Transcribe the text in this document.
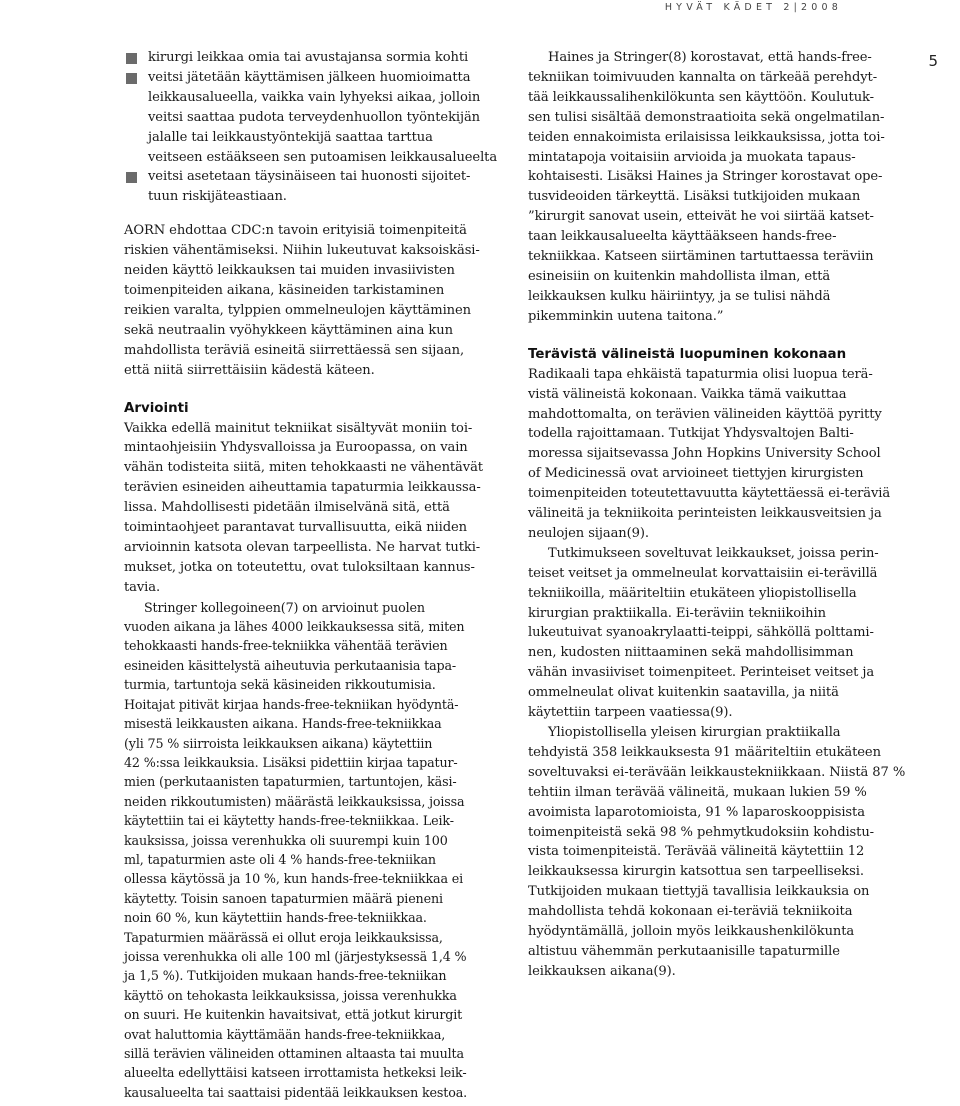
HYVÄT KÄDET 2|2008
5
kirurgi leikkaa omia tai avustajansa sormia kohti
veitsi jätetään käyttämisen jälkeen huomioimatta
leikkausalueella, vaikka vain lyhyeksi aikaa, jolloin
veitsi saattaa pudota terveydenhuollon työntekijän
jalalle tai leikkaustyöntekijä saattaa tarttua
veitseen estääkseen sen putoamisen leikkausalueelta
veitsi asetetaan täysinäiseen tai huonosti sijoitet-
tuun riskijäteastiaan.
AORN ehdottaa CDC:n tavoin erityisiä toimenpiteitä
riskien vähentämiseksi. Niihin lukeutuvat kaksoiskäsi-
neiden käyttö leikkauksen tai muiden invasiivisten
toimenpiteiden aikana, käsineiden tarkistaminen
reikien varalta, tylppien ommelneulojen käyttäminen
sekä neutraalin vyöhykkeen käyttäminen aina kun
mahdollista teräviä esineitä siirrettäessä sen sijaan,
että niitä siirrettäisiin kädestä käteen.
Arviointi
Vaikka edellä mainitut tekniikat sisältyvät moniin toi-
mintaohjeisiin Yhdysvalloissa ja Euroopassa, on vain
vähän todisteita siitä, miten tehokkaasti ne vähentävät
terävien esineiden aiheuttamia tapaturmia leikkaussa-
lissa. Mahdollisesti pidetään ilmiselvänä sitä, että
toimintaohjeet parantavat turvallisuutta, eikä niiden
arvioinnin katsota olevan tarpeellista. Ne harvat tutki-
mukset, jotka on toteutettu, ovat tuloksiltaan kannus-
tavia.
Stringer kollegoineen(7) on arvioinut puolen
vuoden aikana ja lähes 4000 leikkauksessa sitä, miten
tehokkaasti hands-free-tekniikka vähentää terävien
esineiden käsittelystä aiheutuvia perkutaanisia tapa-
turmia, tartuntoja sekä käsineiden rikkoutumisia.
Hoitajat pitivät kirjaa hands-free-tekniikan hyödyntä-
misestä leikkausten aikana. Hands-free-tekniikkaa
(yli 75 % siirroista leikkauksen aikana) käytettiin
42 %:ssa leikkauksia. Lisäksi pidettiin kirjaa tapatur-
mien (perkutaanisten tapaturmien, tartuntojen, käsi-
neiden rikkoutumisten) määrästä leikkauksissa, joissa
käytettiin tai ei käytetty hands-free-tekniikkaa. Leik-
kauksissa, joissa verenhukka oli suurempi kuin 100
ml, tapaturmien aste oli 4 % hands-free-tekniikan
ollessa käytössä ja 10 %, kun hands-free-tekniikkaa ei
käytetty. Toisin sanoen tapaturmien määrä pieneni
noin 60 %, kun käytettiin hands-free-tekniikkaa.
Tapaturmien määrässä ei ollut eroja leikkauksissa,
joissa verenhukka oli alle 100 ml (järjestyksessä 1,4 %
ja 1,5 %). Tutkijoiden mukaan hands-free-tekniikan
käyttö on tehokasta leikkauksissa, joissa verenhukka
on suuri. He kuitenkin havaitsivat, että jotkut kirurgit
ovat haluttomia käyttämään hands-free-tekniikkaa,
sillä terävien välineiden ottaminen altaasta tai muulta
alueelta edellyttäisi katseen irrottamista hetkeksi leik-
kausalueelta tai saattaisi pidentää leikkauksen kestoa.
Haines ja Stringer(8) korostavat, että hands-free-
tekniikan toimivuuden kannalta on tärkeää perehdyt-
tää leikkaussalihenkilökunta sen käyttöön. Koulutuk-
sen tulisi sisältää demonstraatioita sekä ongelmatilan-
teiden ennakoimista erilaisissa leikkauksissa, jotta toi-
mintatapoja voitaisiin arvioida ja muokata tapaus-
kohtaisesti. Lisäksi Haines ja Stringer korostavat ope-
tusvideoiden tärkeyttä. Lisäksi tutkijoiden mukaan
”kirurgit sanovat usein, etteivät he voi siirtää katset-
taan leikkausalueelta käyttääkseen hands-free-
tekniikkaa. Katseen siirtäminen tartuttaessa teräviin
esineisiin on kuitenkin mahdollista ilman, että
leikkauksen kulku häiriintyy, ja se tulisi nähdä
pikemminkin uutena taitona.”
Terävistä välineistä luopuminen kokonaan
Radikaali tapa ehkäistä tapaturmia olisi luopua terä-
vistä välineistä kokonaan. Vaikka tämä vaikuttaa
mahdottomalta, on terävien välineiden käyttöä pyritty
todella rajoittamaan. Tutkijat Yhdysvaltojen Balti-
moressa sijaitsevassa John Hopkins University School
of Medicinessä ovat arvioineet tiettyjen kirurgisten
toimenpiteiden toteutettavuutta käytettäessä ei-teräviä
välineitä ja tekniikoita perinteisten leikkausveitsien ja
neulojen sijaan(9).
Tutkimukseen soveltuvat leikkaukset, joissa perin-
teiset veitset ja ommelneulat korvattaisiin ei-terävillä
tekniikoilla, määriteltiin etukäteen yliopistollisella
kirurgian praktiikalla. Ei-teräviin tekniikoihin
lukeutuivat syanoakrylaatti-teippi, sähköllä polttami-
nen, kudosten niittaaminen sekä mahdollisimman
vähän invasiiviset toimenpiteet. Perinteiset veitset ja
ommelneulat olivat kuitenkin saatavilla, ja niitä
käytettiin tarpeen vaatiessa(9).
Yliopistollisella yleisen kirurgian praktiikalla
tehdyistä 358 leikkauksesta 91 määriteltiin etukäteen
soveltuvaksi ei-terävään leikkaustekniikkaan. Niistä 87 %
tehtiin ilman terävää välineitä, mukaan lukien 59 %
avoimista laparotomioista, 91 % laparoskooppisista
toimenpiteistä sekä 98 % pehmytkudoksiin kohdistu-
vista toimenpiteistä. Terävää välineitä käytettiin 12
leikkauksessa kirurgin katsottua sen tarpeelliseksi.
Tutkijoiden mukaan tiettyjä tavallisia leikkauksia on
mahdollista tehdä kokonaan ei-teräviä tekniikoita
hyödyntämällä, jolloin myös leikkaushenkilökunta
altistuu vähemmän perkutaanisille tapaturmille
leikkauksen aikana(9).
